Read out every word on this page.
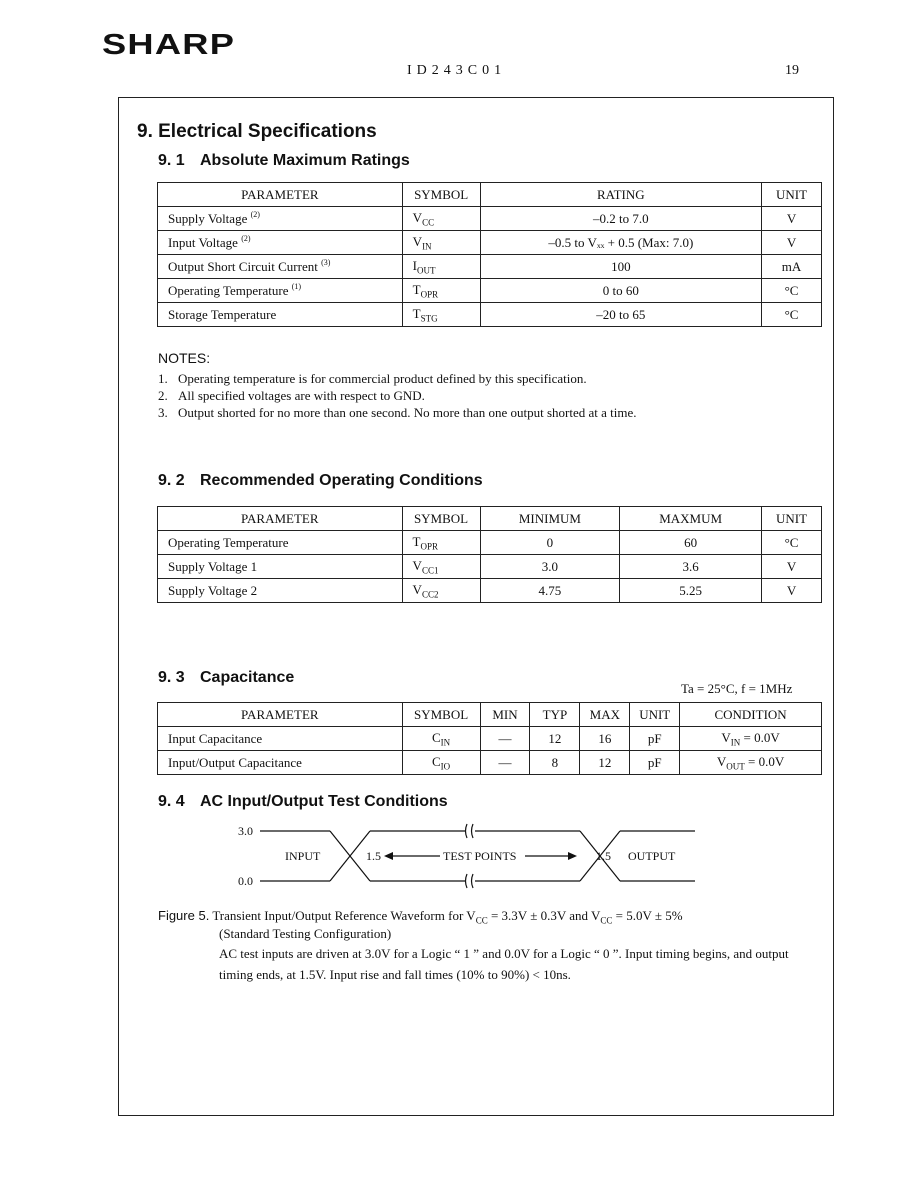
SHARP
ID243C01	19
9. Electrical Specifications
9. 1 Absolute Maximum Ratings
PARAMETER	SYMBOL	RATING	UNIT
Supply Voltage $^{(2)}$	$V_{CC}$	–0.2 to 7.0	V
Input Voltage $^{(2)}$	$V_{IN}$	–0.5 to Vₓₓ + 0.5 (Max: 7.0)	V
Output Short Circuit Current $^{(3)}$	$I_{OUT}$	100	mA
Operating Temperature $^{(1)}$	$T_{OPR}$	0 to 60	°C
Storage Temperature	$T_{STG}$	–20 to 65	°C
NOTES:
1. Operating temperature is for commercial product defined by this specification.
2. All specified voltages are with respect to GND.
3. Output shorted for no more than one second. No more than one output shorted at a time.
9. 2 Recommended Operating Conditions
PARAMETER	SYMBOL	MINIMUM	MAXMUM	UNIT
Operating Temperature	$T_{OPR}$	0	60	°C
Supply Voltage 1	$V_{CC1}$	3.0	3.6	V
Supply Voltage 2	$V_{CC2}$	4.75	5.25	V
9. 3 Capacitance
Ta = 25°C, f = 1MHz
PARAMETER	SYMBOL	MIN	TYP	MAX	UNIT	CONDITION
Input Capacitance	$C_{IN}$	—	12	16	pF	$V_{IN} = 0.0V$
Input/Output Capacitance	$C_{IO}$	—	8	12	pF	$V_{OUT} = 0.0V$
9. 4 AC Input/Output Test Conditions
3.0
0.0
INPUT	1.5	TEST POINTS	1.5 OUTPUT
Figure 5. Transient Input/Output Reference Waveform for $V_{CC} = 3.3V \pm 0.3V$ and $V_{CC} = 5.0V \pm 5\%$
(Standard Testing Configuration)
AC test inputs are driven at 3.0V for a Logic “ 1 ” and 0.0V for a Logic “ 0 ”. Input timing begins, and output timing ends, at 1.5V. Input rise and fall times (10% to 90%) < 10ns.
